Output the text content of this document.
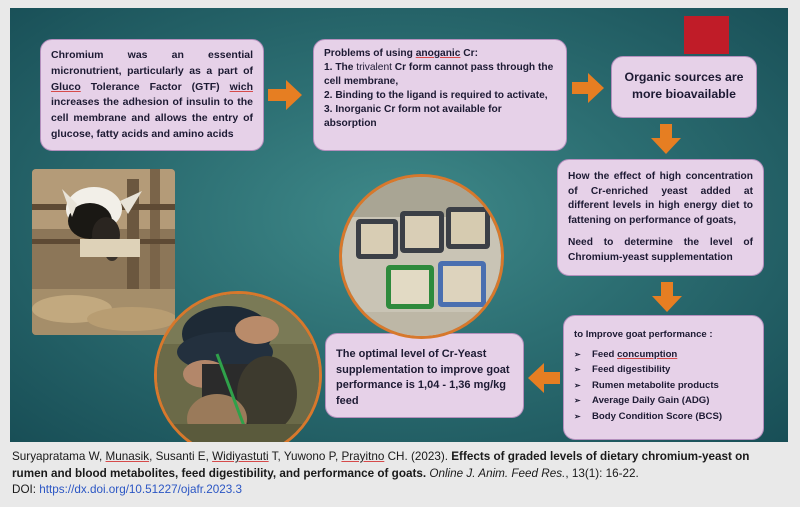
Chromium was an essential micronutrient, particularly as a part of Gluco Tolerance Factor (GTF) wich increases the adhesion of insulin to the cell membrane and allows the entry of glucose, fatty acids and amino acids
Problems of using anoganic Cr:
1. The trivalent Cr form cannot pass through the cell membrane,
2. Binding to the ligand is required to activate,
3. Inorganic Cr form not available for absorption
Organic sources are more bioavailable

How the effect of high concentration of Cr-enriched yeast added at different levels in high energy diet to fattening on performance of goats,

Need to determine the level of Chromium-yeast supplementation

to Improve goat performance :
➢ Feed concumption
➢ Feed digestibility
➢ Rumen metabolite products
➢ Average Daily Gain (ADG)
➢ Body Condition Score (BCS)
The optimal level of Cr-Yeast supplementation to improve goat performance is 1,04 - 1,36 mg/kg feed
Suryapratama W, Munasik, Susanti E, Widiyastuti T, Yuwono P, Prayitno CH. (2023). Effects of graded levels of dietary chromium-yeast on rumen and blood metabolites, feed digestibility, and performance of goats. Online J. Anim. Feed Res., 13(1): 16-22.
DOI: https://dx.doi.org/10.51227/ojafr.2023.3
